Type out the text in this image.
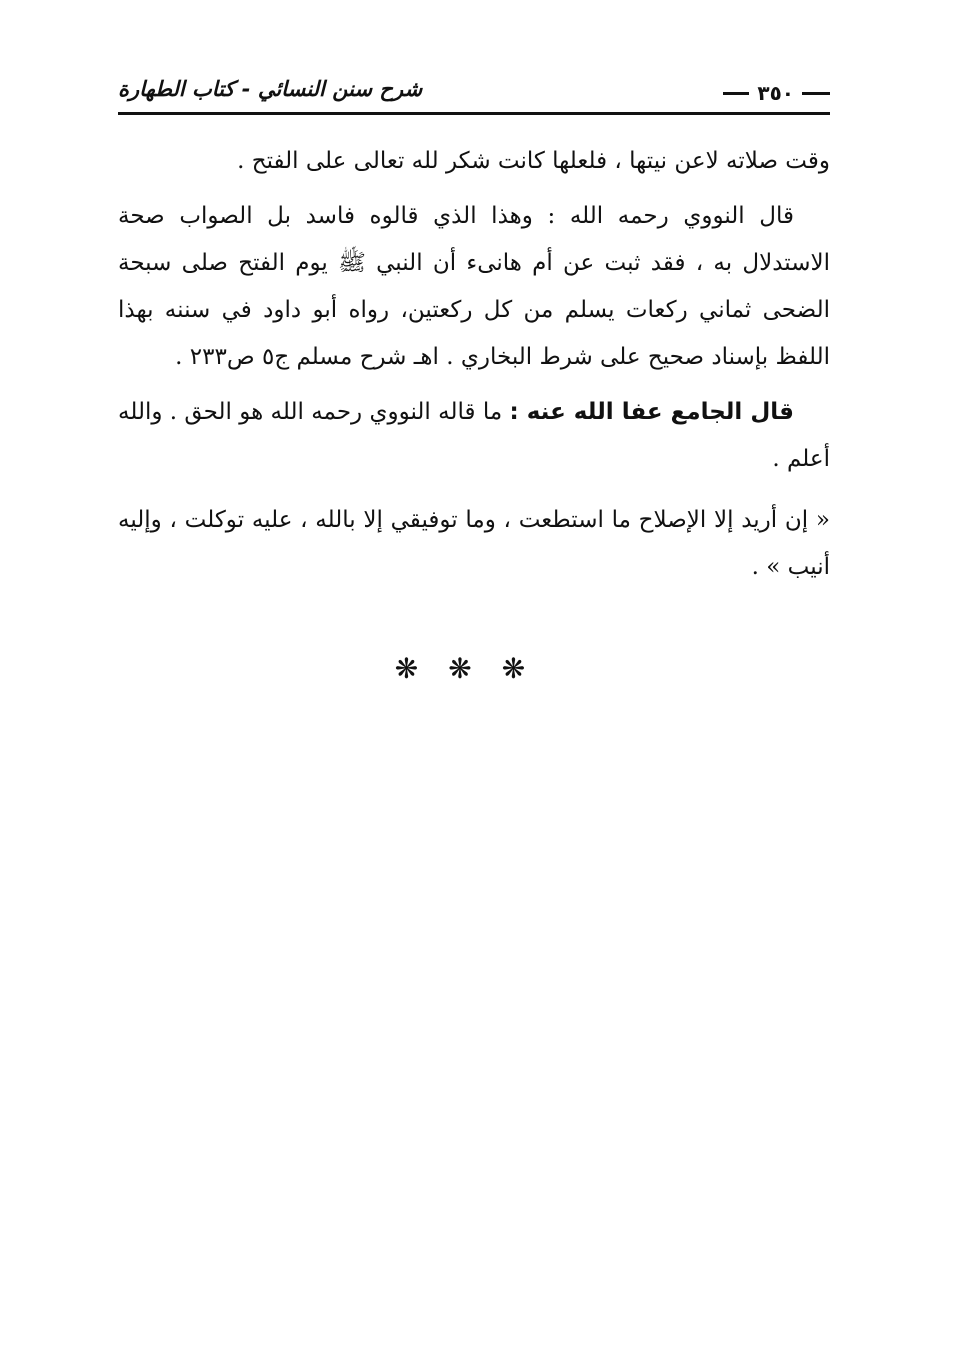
شرح سنن النسائي - كتاب الطهارة	٣٥٠

وقت صلاته لاعن نيتها ، فلعلها كانت شكر لله تعالى على الفتح .

قال النووي رحمه الله : وهذا الذي قالوه فاسد بل الصواب صحة الاستدلال به ، فقد ثبت عن أم هانىء أن النبي ﷺ يوم الفتح صلى سبحة الضحى ثماني ركعات يسلم من كل ركعتين، رواه أبو داود في سننه بهذا اللفظ بإسناد صحيح على شرط البخاري . اهـ شرح مسلم ج٥ ص٢٣٣ .

قال الجامع عفا الله عنه : ما قاله النووي رحمه الله هو الحق . والله أعلم .

« إن أريد إلا الإصلاح ما استطعت ، وما توفيقي إلا بالله ، عليه توكلت ، وإليه أنيب » .

❋❋❋
